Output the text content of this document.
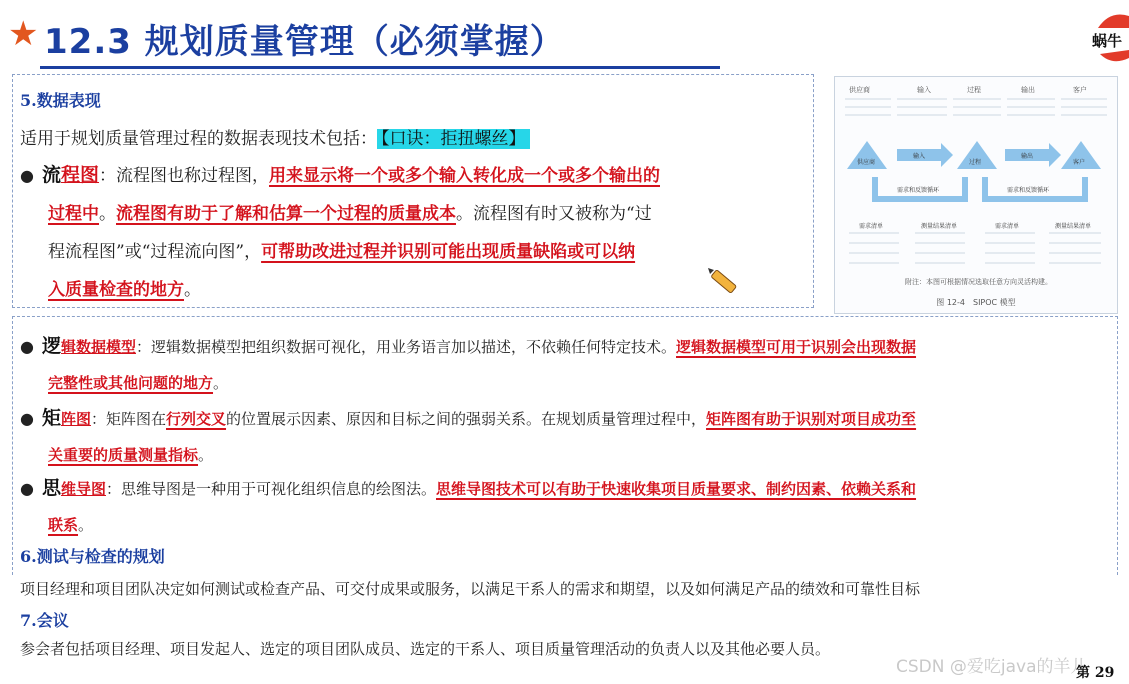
★ 12.3 规划质量管理（必须掌握）	蜗牛
5.数据表现
适用于规划质量管理过程的数据表现技术包括： 【口诀：拒扭螺丝】
● 流程图：流程图也称过程图，用来显示将一个或多个输入转化成一个或多个输出的
过程中。流程图有助于了解和估算一个过程的质量成本。流程图有时又被称为“过
程流程图”或“过程流向图”，可帮助改进过程并识别可能出现质量缺陷或可以纳
入质量检查的地方。
供应商	输入	过程	输出	客户
供应商
输入
过程
输出
客户
需求和反馈循环	需求和反馈循环
需求清单	测量结果清单	需求清单	测量结果清单
附注：本图可根据情况选取任意方向灵活构建。
图 12-4　SIPOC 模型
● 逻辑数据模型：逻辑数据模型把组织数据可视化，用业务语言加以描述，不依赖任何特定技术。逻辑数据模型可用于识别会出现数据
完整性或其他问题的地方。
● 矩阵图：矩阵图在行列交叉的位置展示因素、原因和目标之间的强弱关系。在规划质量管理过程中，矩阵图有助于识别对项目成功至
关重要的质量测量指标。
● 思维导图：思维导图是一种用于可视化组织信息的绘图法。思维导图技术可以有助于快速收集项目质量要求、制约因素、依赖关系和
联系。
6.测试与检查的规划
项目经理和项目团队决定如何测试或检查产品、可交付成果或服务，以满足干系人的需求和期望，以及如何满足产品的绩效和可靠性目标
7.会议
参会者包括项目经理、项目发起人、选定的项目团队成员、选定的干系人、项目质量管理活动的负责人以及其他必要人员。
CSDN @爱吃java的羊儿
第 29
